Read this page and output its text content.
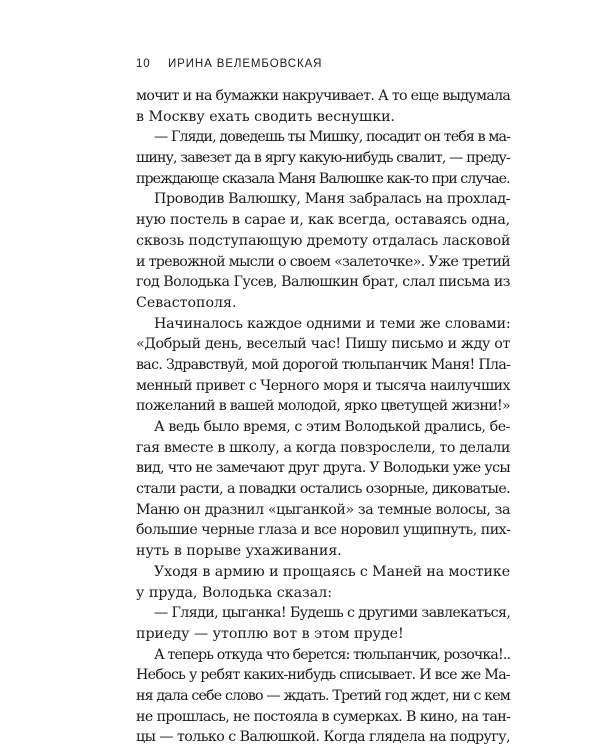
10 ИРИНА ВЕЛЕМБОВСКАЯ
мочит и на бумажки накручивает. А то еще выдумала
в Москву ехать сводить веснушки.
— Гляди, доведешь ты Мишку, посадит он тебя в ма-
шину, завезет да в яргу какую-нибудь свалит, — преду-
преждающе сказала Маня Валюшке как-то при случае.
Проводив Валюшку, Маня забралась на прохлад-
ную постель в сарае и, как всегда, оставаясь одна,
сквозь подступающую дремоту отдалась ласковой
и тревожной мысли о своем «залеточке». Уже третий
год Володька Гусев, Валюшкин брат, слал письма из
Севастополя.
Начиналось каждое одними и теми же словами:
«Добрый день, веселый час! Пишу письмо и жду от
вас. Здравствуй, мой дорогой тюльпанчик Маня! Пла-
менный привет с Черного моря и тысяча наилучших
пожеланий в вашей молодой, ярко цветущей жизни!»
А ведь было время, с этим Володькой дрались, бе-
гая вместе в школу, а когда повзрослели, то делали
вид, что не замечают друг друга. У Володьки уже усы
стали расти, а повадки остались озорные, диковатые.
Маню он дразнил «цыганкой» за темные волосы, за
большие черные глаза и все норовил ущипнуть, пих-
нуть в порыве ухаживания.
Уходя в армию и прощаясь с Маней на мостике
у пруда, Володька сказал:
— Гляди, цыганка! Будешь с другими завлекаться,
приеду — утоплю вот в этом пруде!
А теперь откуда что берется: тюльпанчик, розочка!..
Небось у ребят каких-нибудь списывает. И все же Ма-
ня дала себе слово — ждать. Третий год ждет, ни с кем
не прошлась, не постояла в сумерках. В кино, на тан-
цы — только с Валюшкой. Когда глядела на подругу,
